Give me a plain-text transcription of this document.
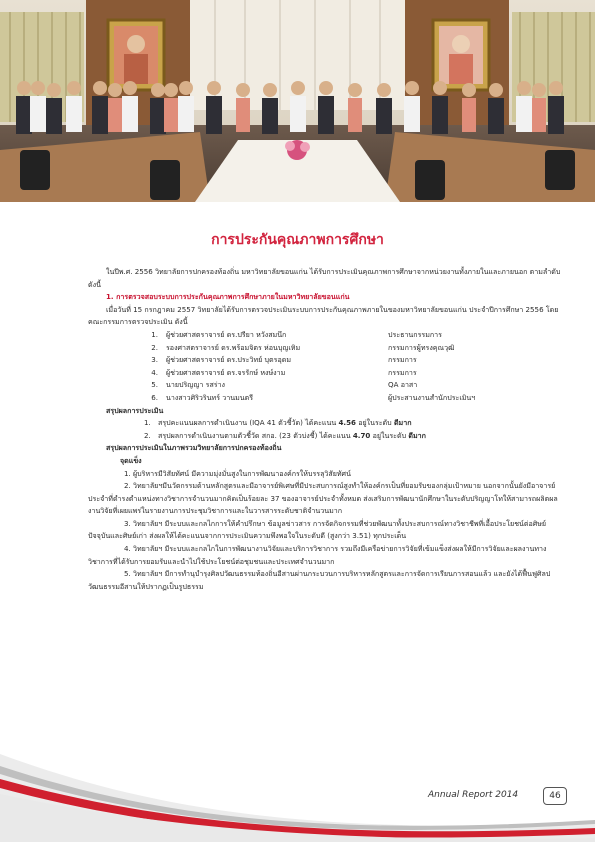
การประกันคุณภาพการศึกษา

ในปีพ.ศ. 2556 วิทยาลัยการปกครองท้องถิ่น มหาวิทยาลัยขอนแก่น ได้รับการประเมินคุณภาพการศึกษาจากหน่วยงานทั้งภายในและภายนอก ตามลำดับดังนี้

1. การตรวจสอบระบบการประกันคุณภาพการศึกษาภายในมหาวิทยาลัยขอนแก่น

เมื่อวันที่ 15 กรกฎาคม 2557 วิทยาลัยได้รับการตรวจประเมินระบบการประกันคุณภาพภายในของมหาวิทยาลัยขอนแก่น ประจำปีการศึกษา 2556 โดยคณะกรรมการตรวจประเมิน ดังนี้

1.	ผู้ช่วยศาสตราจารย์ ดร.ปรียา หวังสมนึก	ประธานกรรมการ
2.	รองศาสตราจารย์ ดร.พร้อมจิตร ห่อนบุญเหิม	กรรมการผู้ทรงคุณวุฒิ
3.	ผู้ช่วยศาสตราจารย์ ดร.ประวิทย์ บุตรอุดม	กรรมการ
4.	ผู้ช่วยศาสตราจารย์ ดร.จรรักษ์ หงษ์งาม	กรรมการ
5.	นายปริญญา รสร่าง	QA อาสา
6.	นางสาวศิริวรินทร์ วานมนตรี	ผู้ประสานงานสำนักประเมินฯ

สรุปผลการประเมิน

1. สรุปคะแนนผลการดำเนินงาน (IQA 41 ตัวชี้วัด) ได้คะแนน 4.56 อยู่ในระดับ ดีมาก
2. สรุปผลการดำเนินงานตามตัวชี้วัด สกอ. (23 ตัวบ่งชี้) ได้คะแนน 4.70 อยู่ในระดับ ดีมาก

สรุปผลการประเมินในภาพรวมวิทยาลัยการปกครองท้องถิ่น

จุดแข็ง

1. ผู้บริหารมีวิสัยทัศน์ มีความมุ่งมั่นสูงในการพัฒนาองค์กรให้บรรลุวิสัยทัศน์

2. วิทยาลัยฯมีนวัตกรรมด้านหลักสูตรและมีอาจารย์พิเศษที่มีประสบการณ์สูงทำให้องค์กรเป็นที่ยอมรับของกลุ่มเป้าหมาย นอกจากนั้นยังมีอาจารย์ประจำที่ดำรงตำแหน่งทางวิชาการจำนวนมากคิดเป็นร้อยละ 37 ของอาจารย์ประจำทั้งหมด ส่งเสริมการพัฒนานักศึกษาในระดับปริญญาโทให้สามารถผลิตผลงานวิจัยที่เผยแพร่ในรายงานการประชุมวิชาการและในวารสารระดับชาติจำนวนมาก

3. วิทยาลัยฯ มีระบบและกลไกการให้คำปรึกษา ข้อมูลข่าวสาร การจัดกิจกรรมที่ช่วยพัฒนาทั้งประสบการณ์ทางวิชาชีพที่เอื้อประโยชน์ต่อศิษย์ปัจจุบันและศิษย์เก่า ส่งผลให้ได้คะแนนจากการประเมินความพึงพอใจในระดับดี (สูงกว่า 3.51) ทุกประเด็น

4. วิทยาลัยฯ มีระบบและกลไกในการพัฒนางานวิจัยและบริการวิชาการ รวมถึงมีเครือข่ายการวิจัยที่เข้มแข็งส่งผลให้มีการวิจัยและผลงานทางวิชาการที่ได้รับการยอมรับและนำไปใช้ประโยชน์ต่อชุมชนและประเทศจำนวนมาก

5. วิทยาลัยฯ มีการทำนุบำรุงศิลปวัฒนธรรมท้องถิ่นอีสานผ่านกระบวนการบริหารหลักสูตรและการจัดการเรียนการสอนแล้ว และยังได้ฟื้นฟูศิลปวัฒนธรรมอีสานให้ปรากฏเป็นรูปธรรม

Annual Report 2014	46
